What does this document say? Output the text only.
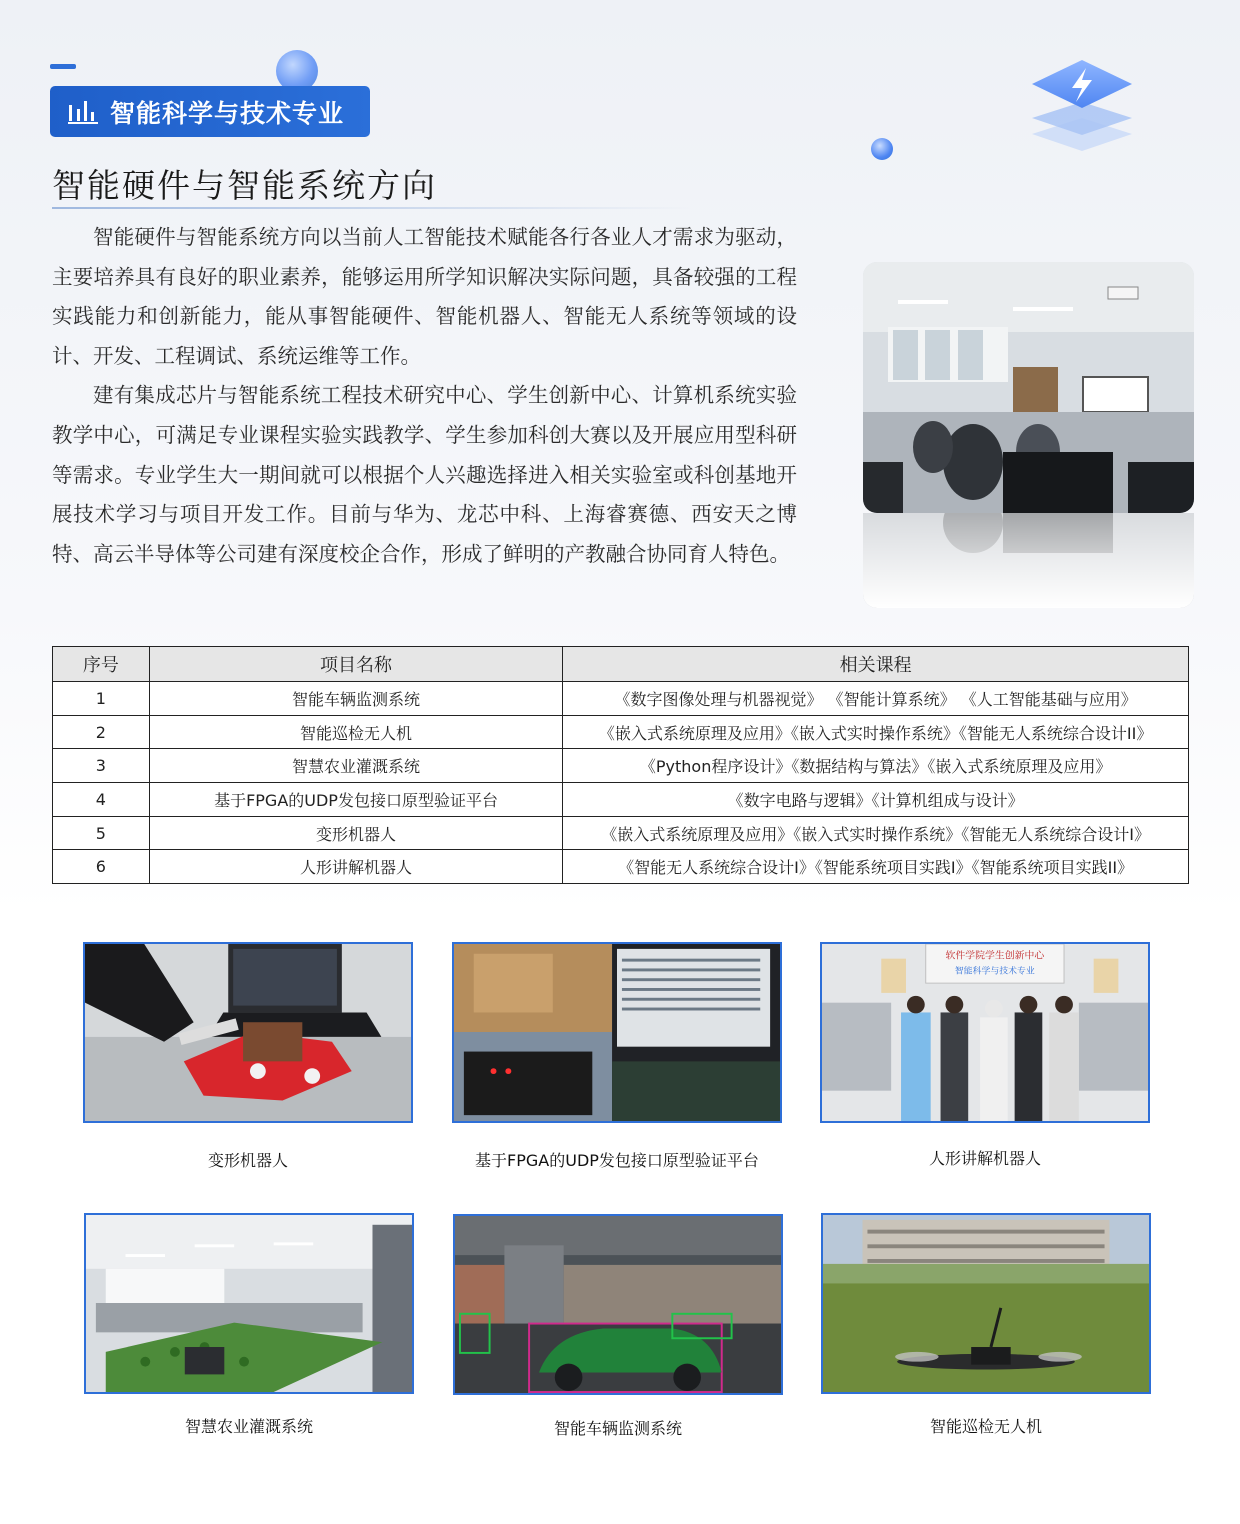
智能科学与技术专业
智能硬件与智能系统方向

智能硬件与智能系统方向以当前人工智能技术赋能各行各业人才需求为驱动，主要培养具有良好的职业素养，能够运用所学知识解决实际问题，具备较强的工程实践能力和创新能力，能从事智能硬件、智能机器人、智能无人系统等领域的设计、开发、工程调试、系统运维等工作。

建有集成芯片与智能系统工程技术研究中心、学生创新中心、计算机系统实验教学中心，可满足专业课程实验实践教学、学生参加科创大赛以及开展应用型科研等需求。专业学生大一期间就可以根据个人兴趣选择进入相关实验室或科创基地开展技术学习与项目开发工作。目前与华为、龙芯中科、上海睿赛德、西安天之博特、高云半导体等公司建有深度校企合作，形成了鲜明的产教融合协同育人特色。

序号	项目名称	相关课程
1	智能车辆监测系统	《数字图像处理与机器视觉》 《智能计算系统》 《人工智能基础与应用》
2	智能巡检无人机	《嵌入式系统原理及应用》《嵌入式实时操作系统》《智能无人系统综合设计II》
3	智慧农业灌溉系统	《Python程序设计》《数据结构与算法》《嵌入式系统原理及应用》
4	基于FPGA的UDP发包接口原型验证平台	《数字电路与逻辑》《计算机组成与设计》
5	变形机器人	《嵌入式系统原理及应用》《嵌入式实时操作系统》《智能无人系统综合设计I》
6	人形讲解机器人	《智能无人系统综合设计I》《智能系统项目实践I》《智能系统项目实践II》
变形机器人	基于FPGA的UDP发包接口原型验证平台
软件学院学生创新中心
智能科学与技术专业
人形讲解机器人
智慧农业灌溉系统	智能车辆监测系统	智能巡检无人机
